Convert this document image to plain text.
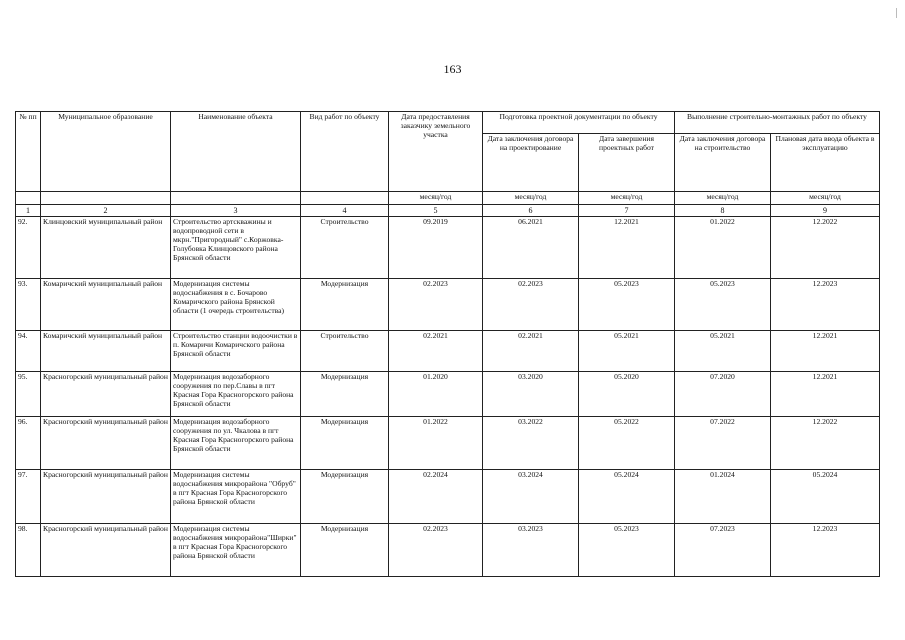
163
№ пп	Муниципальное образование	Наименование объекта	Вид работ по объекту	Дата предоставления заказчику земельного участка	Подготовка проектной документации по объекту		Выполнение строительно-монтажных работ по объекту	
					Дата заключения договора на проектирование	Дата завершения проектных работ	Дата заключения договора на строительство	Плановая дата ввода объекта в эксплуатацию
				месяц/год	месяц/год	месяц/год	месяц/год	месяц/год
1	2	3	4	5	6	7	8	9
92.	Клинцовский муниципальный район	Строительство артскважины и водопроводной сети в мкрн."Пригородный" с.Коржовка-Голубовка Клинцовского района Брянской области	Строительство	09.2019	06.2021	12.2021	01.2022	12.2022
93.	Комаричский муниципальный район	Модернизация системы водоснабжения в с. Бочарово Комаричского района Брянской области (1 очередь строительства)	Модернизация	02.2023	02.2023	05.2023	05.2023	12.2023
94.	Комаричский муниципальный район	Строительство станции водоочистки в п. Комаричи Комаричского района Брянской области	Строительство	02.2021	02.2021	05.2021	05.2021	12.2021
95.	Красногорский муниципальный район	Модернизация водозаборного сооружения по пер.Славы в пгт Красная Гора Красногорского района Брянской области	Модернизация	01.2020	03.2020	05.2020	07.2020	12.2021
96.	Красногорский муниципальный район	Модернизация водозаборного сооружения по ул. Чкалова в пгт Красная Гора Красногорского района Брянской области	Модернизация	01.2022	03.2022	05.2022	07.2022	12.2022
97.	Красногорский муниципальный район	Модернизация системы водоснабжения микрорайона "Обруб" в пгт Красная Гора Красногорского района Брянской области	Модернизация	02.2024	03.2024	05.2024	01.2024	05.2024
98.	Красногорский муниципальный район	Модернизация системы водоснабжения микрорайона"Ширки" в пгт Красная Гора Красногорского района Брянской области	Модернизация	02.2023	03.2023	05.2023	07.2023	12.2023
